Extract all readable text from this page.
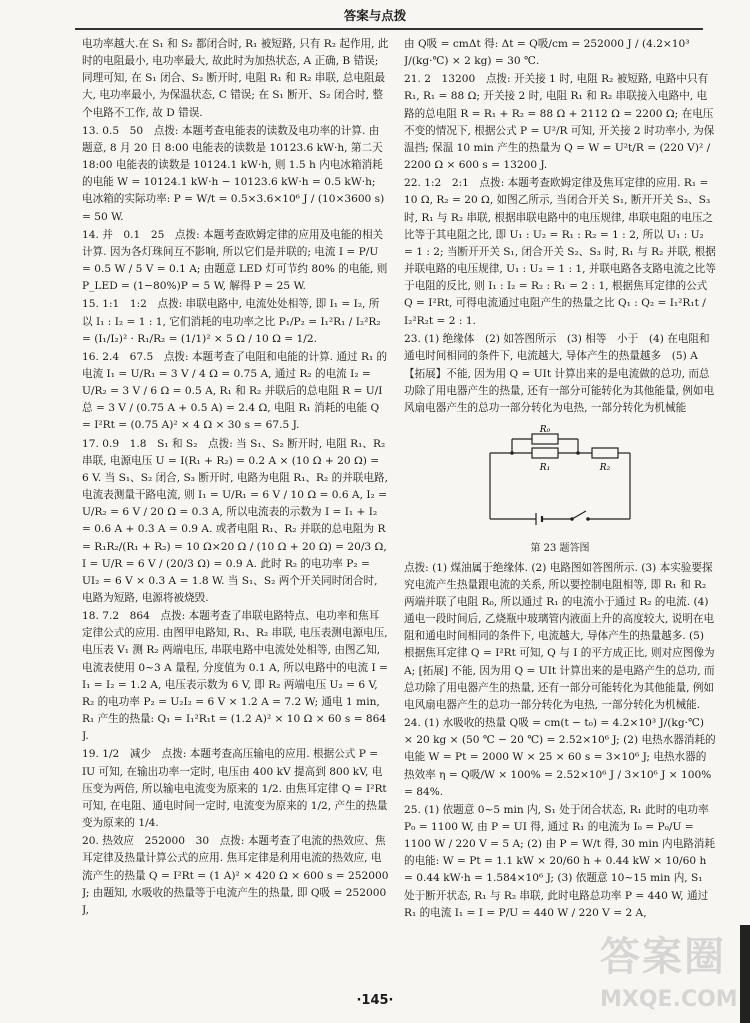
答案与点拨

电功率越大.在 S₁ 和 S₂ 都闭合时, R₁ 被短路, 只有 R₂ 起作用, 此时的电阻最小, 电功率最大, 故此时为加热状态, A 正确, B 错误; 同理可知, 在 S₁ 闭合、S₂ 断开时, 电阻 R₁ 和 R₂ 串联, 总电阻最大, 电功率最小, 为保温状态, C 错误; 在 S₁ 断开、S₂ 闭合时, 整个电路不工作, 故 D 错误.

13. 0.5　50　点拨: 本题考查电能表的读数及电功率的计算. 由题意, 8 月 20 日 8:00 电能表的读数是 10123.6 kW·h, 第二天 18:00 电能表的读数是 10124.1 kW·h, 则 1.5 h 内电冰箱消耗的电能 W = 10124.1 kW·h − 10123.6 kW·h = 0.5 kW·h; 电冰箱的实际功率: P = W/t = 0.5×3.6×10⁶ J / (10×3600 s) = 50 W.

14. 并　0.1　25　点拨: 本题考查欧姆定律的应用及电能的相关计算. 因为各灯珠间互不影响, 所以它们是并联的; 电流 I = P/U = 0.5 W / 5 V = 0.1 A; 由题意 LED 灯可节约 80% 的电能, 则 P_LED = (1−80%)P = 5 W, 解得 P = 25 W.

15. 1:1　1:2　点拨: 串联电路中, 电流处处相等, 即 I₁ = I₂, 所以 I₁ : I₂ = 1 : 1, 它们消耗的电功率之比 P₁/P₂ = I₁²R₁ / I₂²R₂ = (I₁/I₂)² · R₁/R₂ = (1/1)² × 5 Ω / 10 Ω = 1/2.

16. 2.4　67.5　点拨: 本题考查了电阻和电能的计算. 通过 R₁ 的电流 I₁ = U/R₁ = 3 V / 4 Ω = 0.75 A, 通过 R₂ 的电流 I₂ = U/R₂ = 3 V / 6 Ω = 0.5 A, R₁ 和 R₂ 并联后的总电阻 R = U/I总 = 3 V / (0.75 A + 0.5 A) = 2.4 Ω, 电阻 R₁ 消耗的电能 Q = I²Rt = (0.75 A)² × 4 Ω × 30 s = 67.5 J.

17. 0.9　1.8　S₁ 和 S₂　点拨: 当 S₁、S₂ 断开时, 电阻 R₁、R₂ 串联, 电源电压 U = I(R₁ + R₂) = 0.2 A × (10 Ω + 20 Ω) = 6 V. 当 S₁、S₂ 闭合, S₃ 断开时, 电路为电阻 R₁、R₂ 的并联电路, 电流表测量干路电流, 则 I₁ = U/R₁ = 6 V / 10 Ω = 0.6 A, I₂ = U/R₂ = 6 V / 20 Ω = 0.3 A, 所以电流表的示数为 I = I₁ + I₂ = 0.6 A + 0.3 A = 0.9 A. 或者电阻 R₁、R₂ 并联的总电阻为 R = R₁R₂/(R₁ + R₂) = 10 Ω×20 Ω / (10 Ω + 20 Ω) = 20/3 Ω, I = U/R = 6 V / (20/3 Ω) = 0.9 A. 此时 R₂ 的电功率 P₂ = UI₂ = 6 V × 0.3 A = 1.8 W. 当 S₁、S₂ 两个开关同时闭合时, 电路为短路, 电源将被烧毁.

18. 7.2　864　点拨: 本题考查了串联电路特点、电功率和焦耳定律公式的应用. 由图甲电路知, R₁、R₂ 串联, 电压表测电源电压, 电压表 V₁ 测 R₂ 两端电压, 串联电路中电流处处相等, 由图乙知, 电流表使用 0~3 A 量程, 分度值为 0.1 A, 所以电路中的电流 I = I₁ = I₂ = 1.2 A, 电压表示数为 6 V, 即 R₂ 两端电压 U₂ = 6 V, R₂ 的电功率 P₂ = U₂I₂ = 6 V × 1.2 A = 7.2 W; 通电 1 min, R₁ 产生的热量: Q₁ = I₁²R₁t = (1.2 A)² × 10 Ω × 60 s = 864 J.

19. 1/2　减少　点拨: 本题考查高压输电的应用. 根据公式 P = IU 可知, 在输出功率一定时, 电压由 400 kV 提高到 800 kV, 电压变为两倍, 所以输电电流变为原来的 1/2. 由焦耳定律 Q = I²Rt 可知, 在电阻、通电时间一定时, 电流变为原来的 1/2, 产生的热量变为原来的 1/4.

20. 热效应　252000　30　点拨: 本题考查了电流的热效应、焦耳定律及热量计算公式的应用. 焦耳定律是利用电流的热效应, 电流产生的热量 Q = I²Rt = (1 A)² × 420 Ω × 600 s = 252000 J; 由题知, 水吸收的热量等于电流产生的热量, 即 Q吸 = 252000 J,

由 Q吸 = cmΔt 得: Δt = Q吸/cm = 252000 J / (4.2×10³ J/(kg·℃) × 2 kg) = 30 ℃.

21. 2　13200　点拨: 开关接 1 时, 电阻 R₂ 被短路, 电路中只有 R₁, R₁ = 88 Ω; 开关接 2 时, 电阻 R₁ 和 R₂ 串联接入电路中, 电路的总电阻 R = R₁ + R₂ = 88 Ω + 2112 Ω = 2200 Ω; 在电压不变的情况下, 根据公式 P = U²/R 可知, 开关接 2 时功率小, 为保温挡; 保温 10 min 产生的热量为 Q = W = U²t/R = (220 V)² / 2200 Ω × 600 s = 13200 J.

22. 1:2　2:1　点拨: 本题考查欧姆定律及焦耳定律的应用. R₁ = 10 Ω, R₂ = 20 Ω, 如图乙所示, 当闭合开关 S₁, 断开开关 S₂、S₃ 时, R₁ 与 R₂ 串联, 根据串联电路中的电压规律, 串联电阻的电压之比等于其电阻之比, 即 U₁ : U₂ = R₁ : R₂ = 1 : 2, 所以 U₁ : U₂ = 1 : 2; 当断开开关 S₁, 闭合开关 S₂、S₃ 时, R₁ 与 R₂ 并联, 根据并联电路的电压规律, U₁ : U₂ = 1 : 1, 并联电路各支路电流之比等于电阻的反比, 则 I₁ : I₂ = R₂ : R₁ = 2 : 1, 根据焦耳定律的公式 Q = I²Rt, 可得电流通过电阻产生的热量之比 Q₁ : Q₂ = I₁²R₁t / I₂²R₂t = 2 : 1.

23. (1) 绝缘体　(2) 如答图所示　(3) 相等　小于　(4) 在电阻和通电时间相同的条件下, 电流越大, 导体产生的热量越多　(5) A

【拓展】不能, 因为用 Q = UIt 计算出来的是电流做的总功, 而总功除了用电器产生的热量, 还有一部分可能转化为其他能量, 例如电风扇电器产生的总功一部分转化为电热, 一部分转化为机械能

R₀
R₁	R₂
第 23 题答图

点拨: (1) 煤油属于绝缘体. (2) 电路图如答图所示. (3) 本实验要探究电流产生热量跟电流的关系, 所以要控制电阻相等, 即 R₁ 和 R₂ 两端并联了电阻 R₀, 所以通过 R₁ 的电流小于通过 R₂ 的电流. (4) 通电一段时间后, 乙烧瓶中玻璃管内液面上升的高度较大, 说明在电阻和通电时间相同的条件下, 电流越大, 导体产生的热量越多. (5) 根据焦耳定律 Q = I²Rt 可知, Q 与 I 的平方成正比, 则对应图像为 A; [拓展] 不能, 因为用 Q = UIt 计算出来的是电路产生的总功, 而总功除了用电器产生的热量, 还有一部分可能转化为其他能量, 例如电风扇电器产生的总功一部分转化为电热, 一部分转化为机械能.

24. (1) 水吸收的热量 Q吸 = cm(t − t₀) = 4.2×10³ J/(kg·℃) × 20 kg × (50 ℃ − 20 ℃) = 2.52×10⁶ J; (2) 电热水器消耗的电能 W = Pt = 2000 W × 25 × 60 s = 3×10⁶ J; 电热水器的热效率 η = Q吸/W × 100% = 2.52×10⁶ J / 3×10⁶ J × 100% = 84%.

25. (1) 依题意 0~5 min 内, S₁ 处于闭合状态, R₁ 此时的电功率 P₀ = 1100 W, 由 P = UI 得, 通过 R₁ 的电流为 I₀ = P₀/U = 1100 W / 220 V = 5 A; (2) 由 P = W/t 得, 30 min 内电路消耗的电能: W = Pt = 1.1 kW × 20/60 h + 0.44 kW × 10/60 h = 0.44 kW·h = 1.584×10⁶ J; (3) 依题意 10~15 min 内, S₁ 处于断开状态, R₁ 与 R₂ 串联, 此时电路总功率 P = 440 W, 通过 R₁ 的电流 I₁ = I = P/U = 440 W / 220 V = 2 A,

·145·
答案圈
MXQE.COM
